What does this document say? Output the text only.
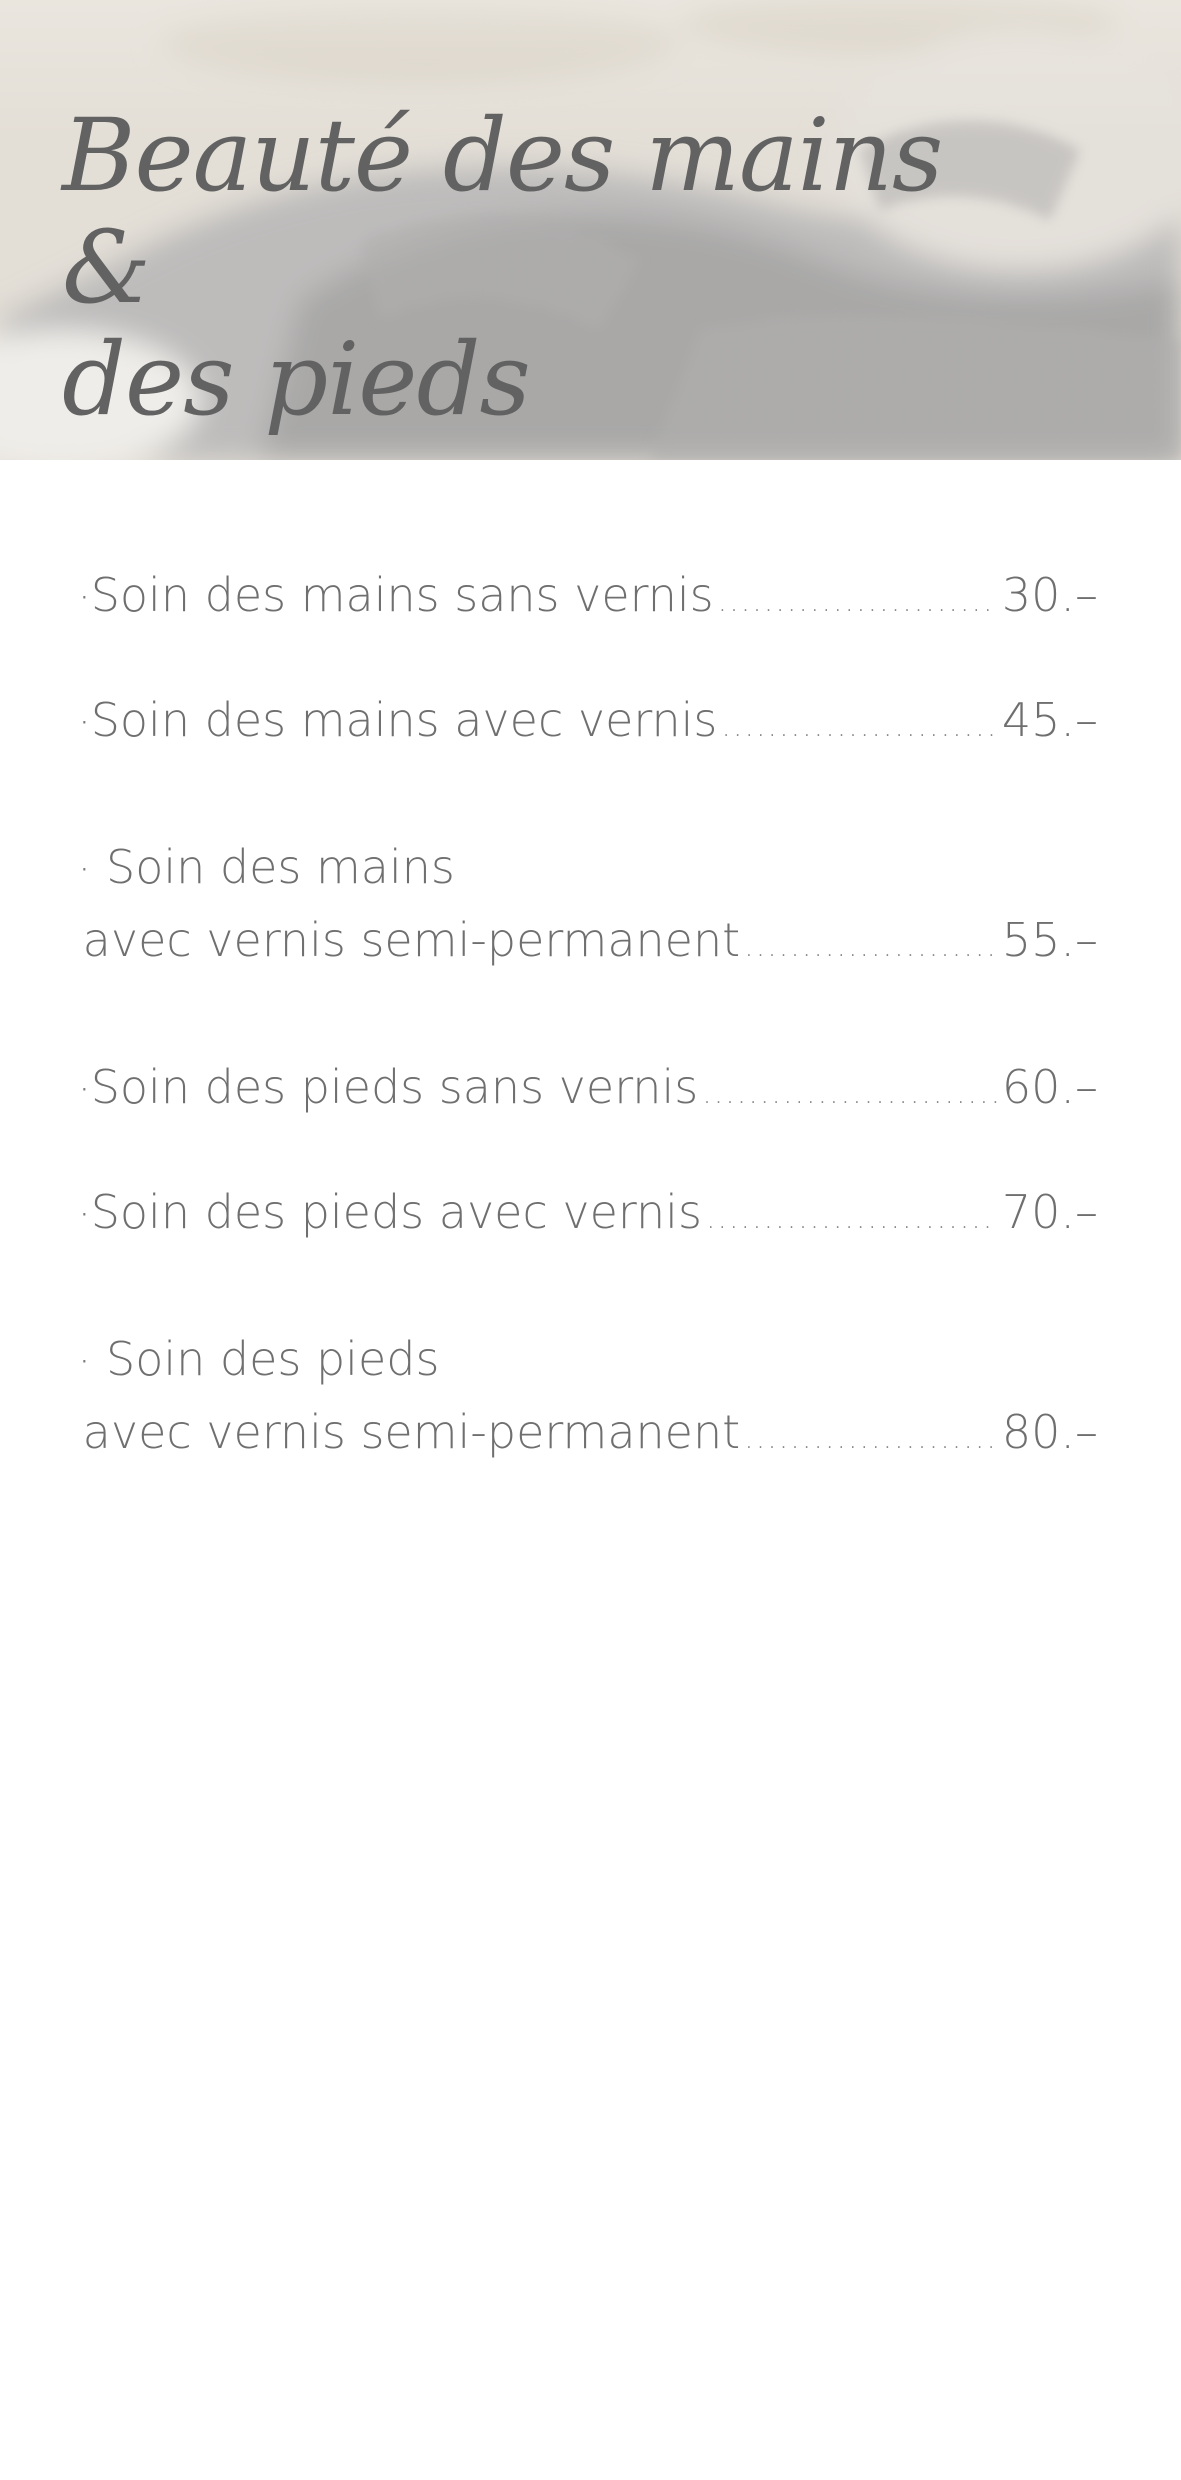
Beauté des mains &
des pieds
· Soin des mains sans vernis .....	30.–
· Soin des mains avec vernis .....	45.–
· Soin des mains
avec vernis semi-permanent .....	55.–
· Soin des pieds sans vernis .....	60.–
· Soin des pieds avec vernis .....	70.–
· Soin des pieds
avec vernis semi-permanent .....	80.–
